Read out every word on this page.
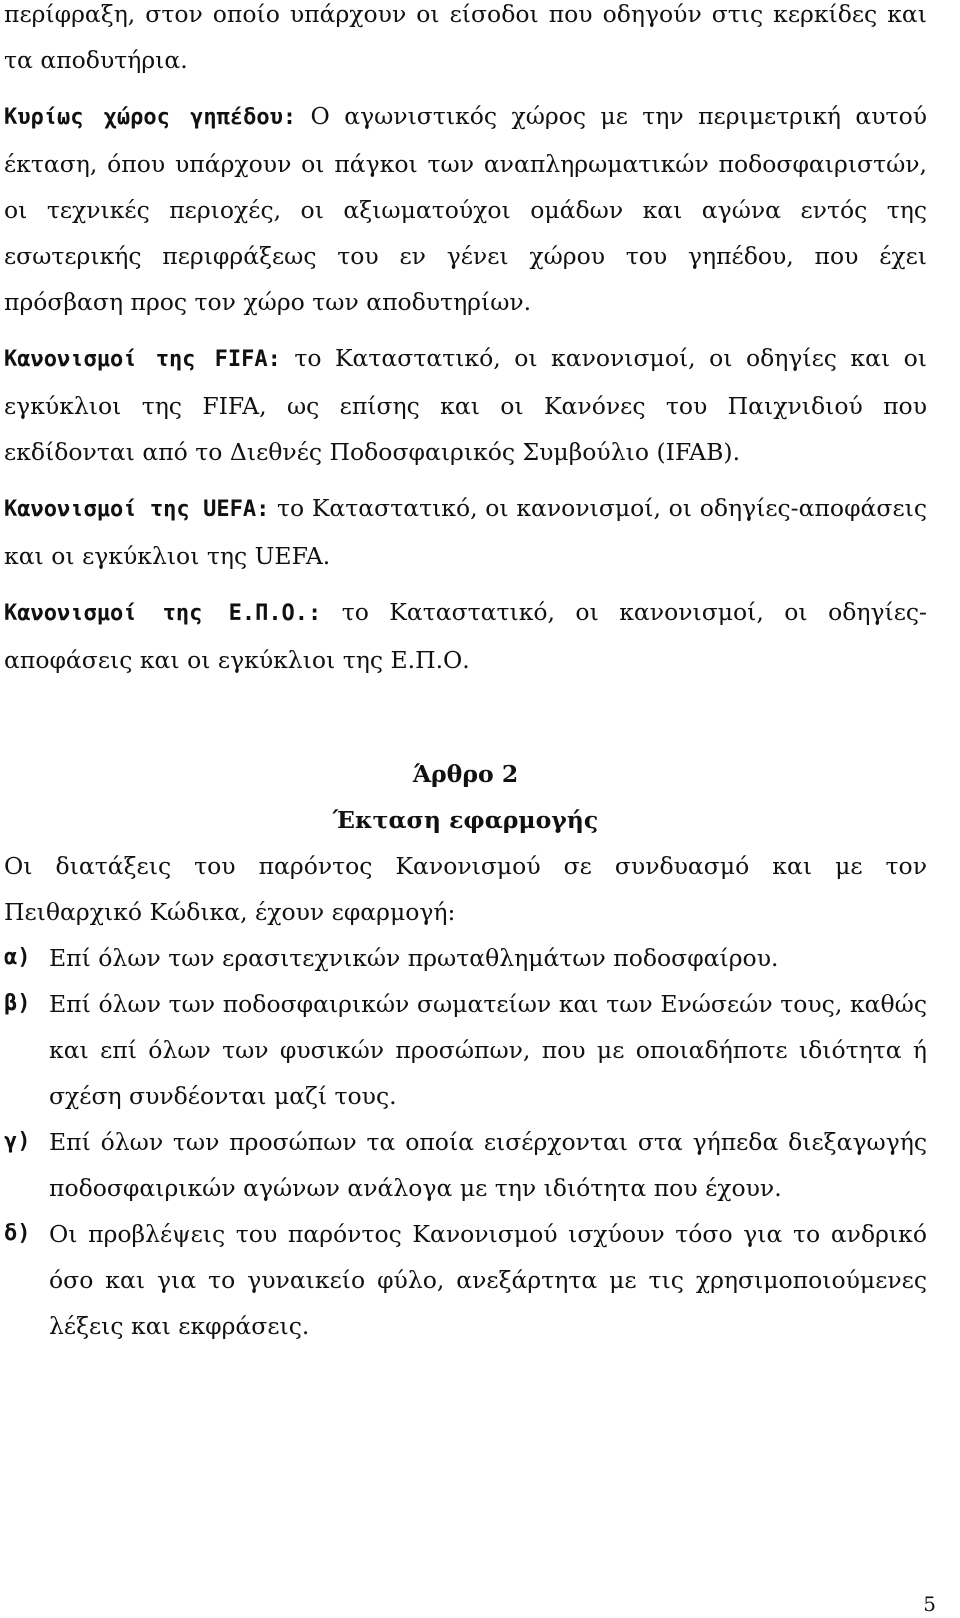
περίφραξη, στον οποίο υπάρχουν οι είσοδοι που οδηγούν στις κερκίδες και τα αποδυτήρια.

Κυρίως χώρος γηπέδου: Ο αγωνιστικός χώρος με την περιμετρική αυτού έκταση, όπου υπάρχουν οι πάγκοι των αναπληρωματικών ποδοσφαιριστών, οι τεχνικές περιοχές, οι αξιωματούχοι ομάδων και αγώνα εντός της εσωτερικής περιφράξεως του εν γένει χώρου του γηπέδου, που έχει πρόσβαση προς τον χώρο των αποδυτηρίων.

Κανονισμοί της FIFA: το Καταστατικό, οι κανονισμοί, οι οδηγίες και οι εγκύκλιοι της FIFA, ως επίσης και οι Κανόνες του Παιχνιδιού που εκδίδονται από το Διεθνές Ποδοσφαιρικός Συμβούλιο (IFAB).

Κανονισμοί της UEFA: το Καταστατικό, οι κανονισμοί, οι οδηγίες-αποφάσεις και οι εγκύκλιοι της UEFA.

Κανονισμοί της Ε.Π.Ο.: το Καταστατικό, οι κανονισμοί, οι οδηγίες-αποφάσεις και οι εγκύκλιοι της Ε.Π.Ο.

Άρθρο 2

Έκταση εφαρμογής

Οι διατάξεις του παρόντος Κανονισμού σε συνδυασμό και με τον Πειθαρχικό Κώδικα, έχουν εφαρμογή:

α) Επί όλων των ερασιτεχνικών πρωταθλημάτων ποδοσφαίρου.
β) Επί όλων των ποδοσφαιρικών σωματείων και των Ενώσεών τους, καθώς και επί όλων των φυσικών προσώπων, που με οποιαδήποτε ιδιότητα ή σχέση συνδέονται μαζί τους.
γ) Επί όλων των προσώπων τα οποία εισέρχονται στα γήπεδα διεξαγωγής ποδοσφαιρικών αγώνων ανάλογα με την ιδιότητα που έχουν.
δ) Οι προβλέψεις του παρόντος Κανονισμού ισχύουν τόσο για το ανδρικό όσο και για το γυναικείο φύλο, ανεξάρτητα με τις χρησιμοποιούμενες λέξεις και εκφράσεις.
5
